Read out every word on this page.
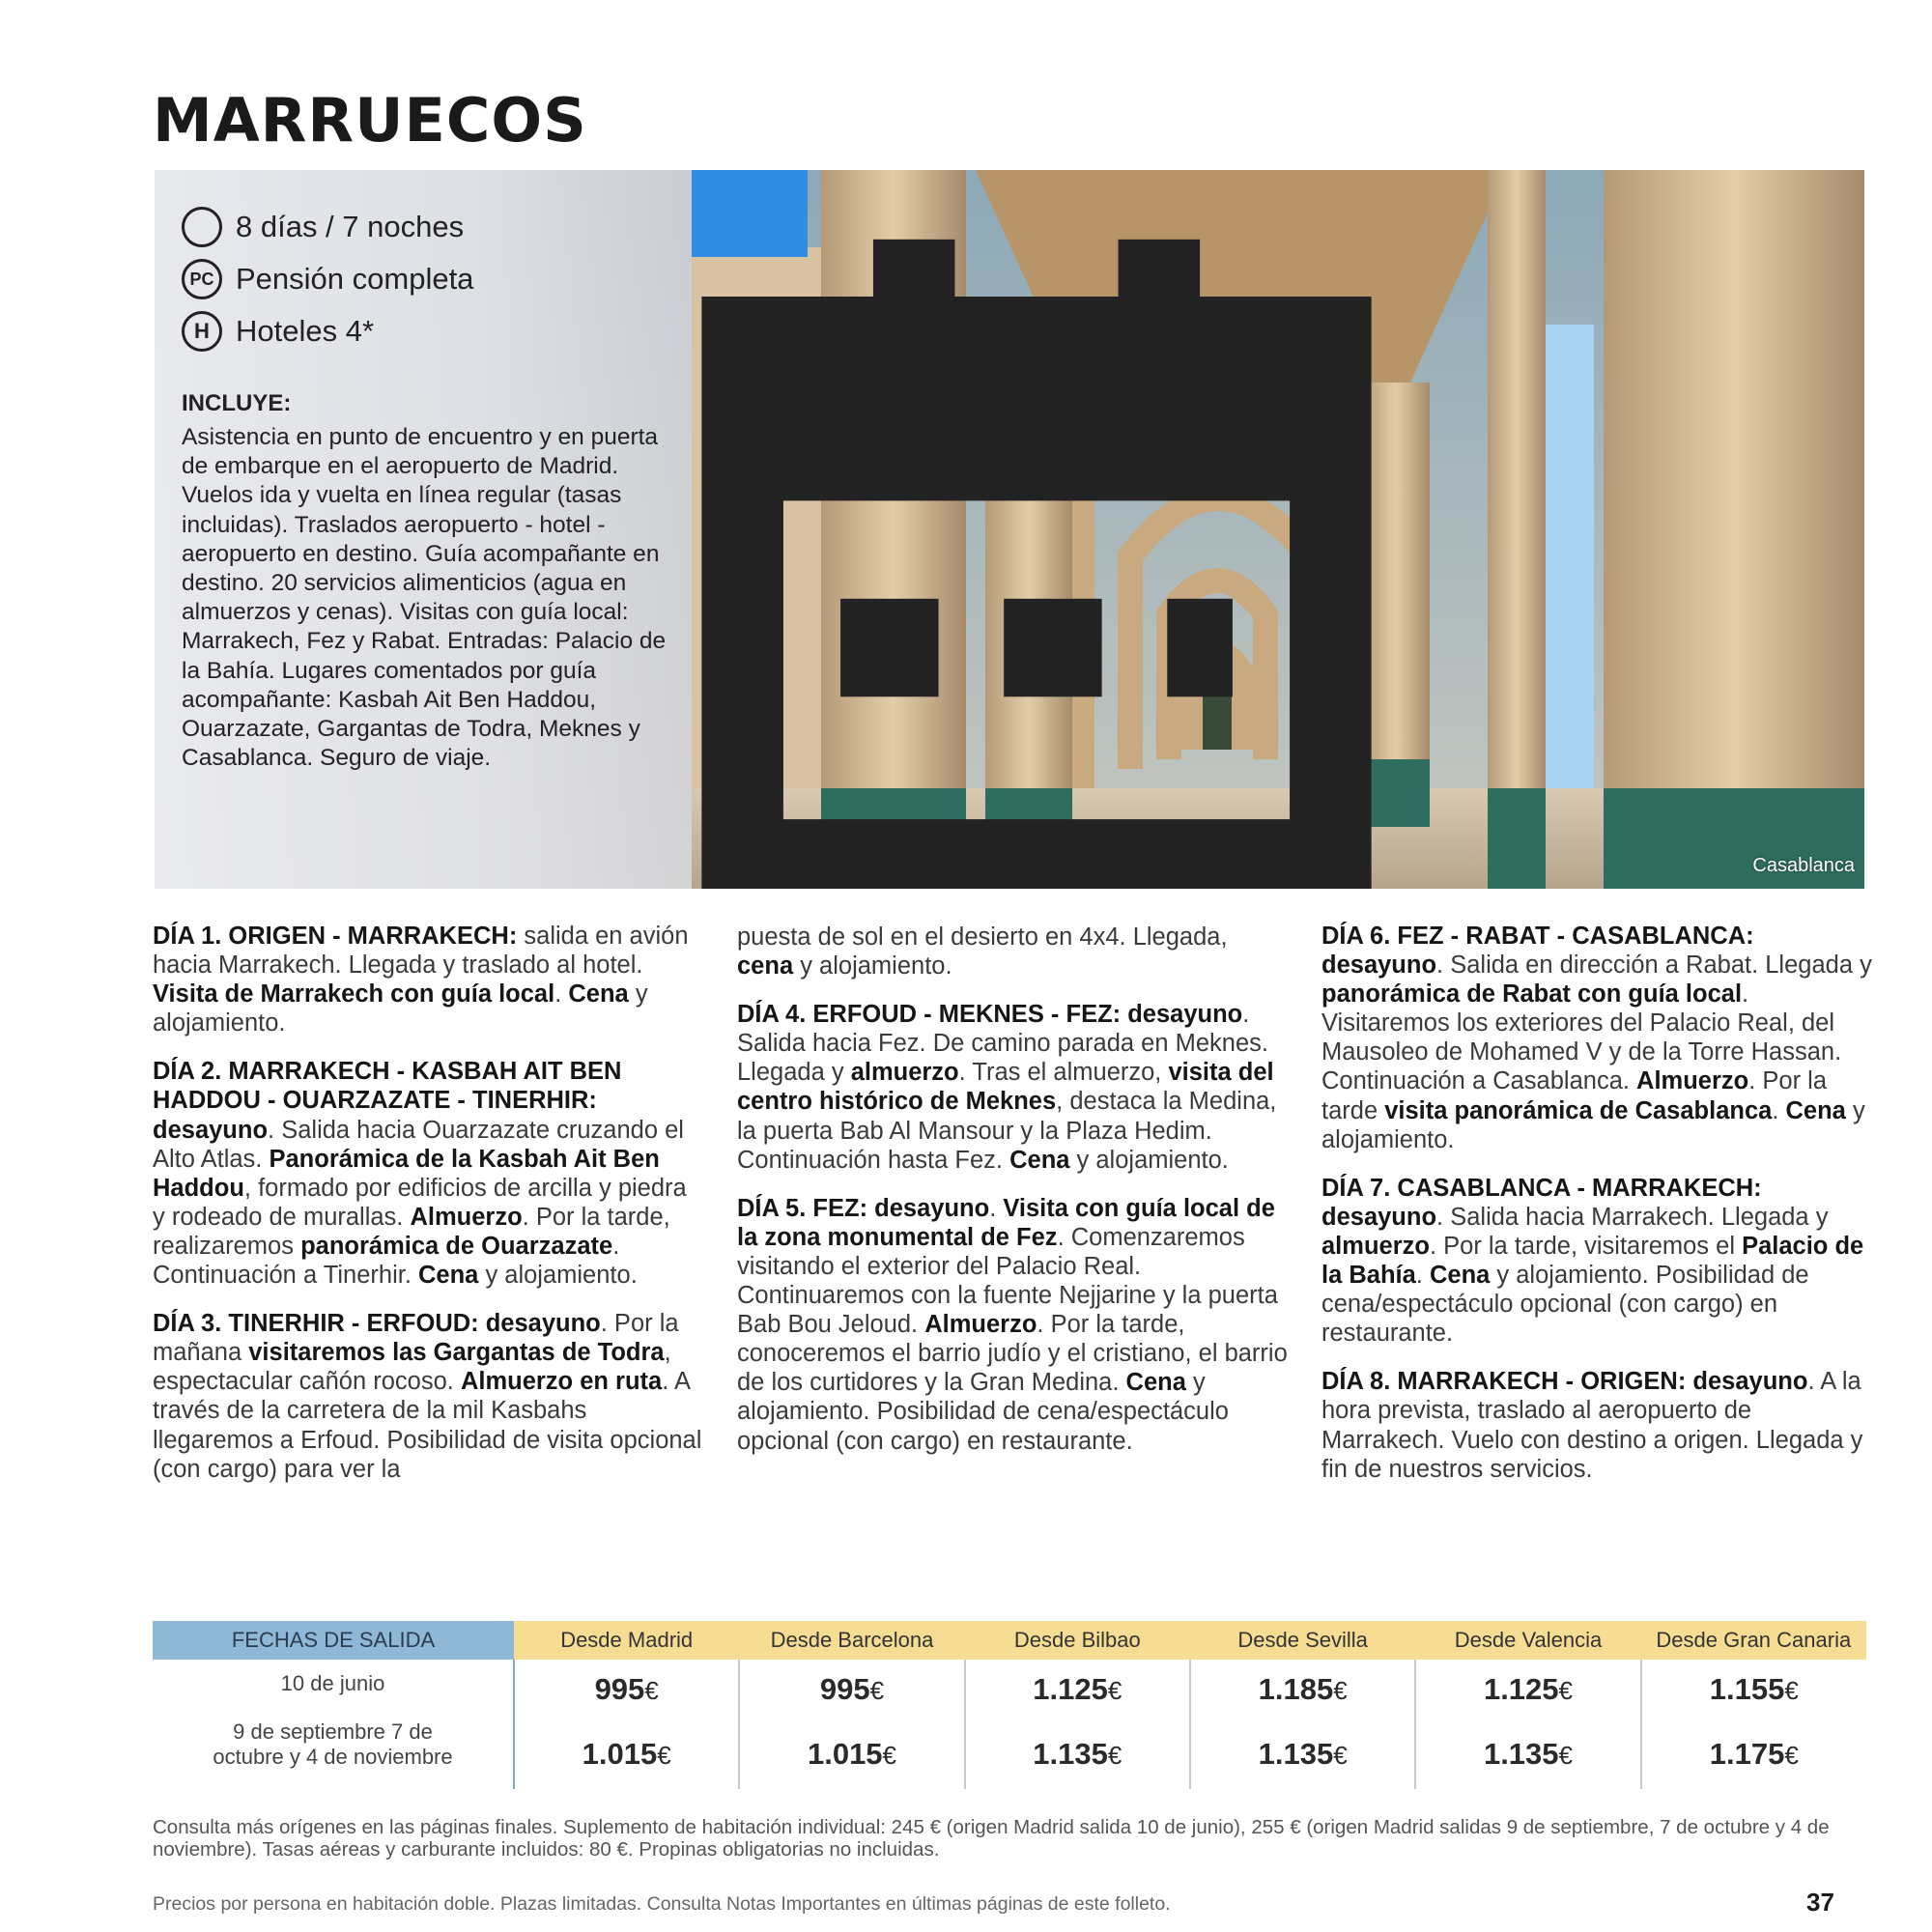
MARRUECOS
8 días / 7 noches
PC Pensión completa
H Hoteles 4*
INCLUYE:
Asistencia en punto de encuentro y en puerta de embarque en el aeropuerto de Madrid. Vuelos ida y vuelta en línea regular (tasas incluidas). Traslados aeropuerto - hotel - aeropuerto en destino. Guía acompañante en destino. 20 servicios alimenticios (agua en almuerzos y cenas). Visitas con guía local: Marrakech, Fez y Rabat. Entradas: Palacio de la Bahía. Lugares comentados por guía acompañante: Kasbah Ait Ben Haddou, Ouarzazate, Gargantas de Todra, Meknes y Casablanca. Seguro de viaje.
Casablanca

DÍA 1. ORIGEN - MARRAKECH: salida en avión hacia Marrakech. Llegada y traslado al hotel. Visita de Marrakech con guía local. Cena y alojamiento.

DÍA 2. MARRAKECH - KASBAH AIT BEN HADDOU - OUARZAZATE - TINERHIR: desayuno. Salida hacia Ouarzazate cruzando el Alto Atlas. Panorámica de la Kasbah Ait Ben Haddou, formado por edificios de arcilla y piedra y rodeado de murallas. Almuerzo. Por la tarde, realizaremos panorámica de Ouarzazate. Continuación a Tinerhir. Cena y alojamiento.

DÍA 3. TINERHIR - ERFOUD: desayuno. Por la mañana visitaremos las Gargantas de Todra, espectacular cañón rocoso. Almuerzo en ruta. A través de la carretera de la mil Kasbahs llegaremos a Erfoud. Posibilidad de visita opcional (con cargo) para ver la

puesta de sol en el desierto en 4x4. Llegada, cena y alojamiento.

DÍA 4. ERFOUD - MEKNES - FEZ: desayuno. Salida hacia Fez. De camino parada en Meknes. Llegada y almuerzo. Tras el almuerzo, visita del centro histórico de Meknes, destaca la Medina, la puerta Bab Al Mansour y la Plaza Hedim. Continuación hasta Fez. Cena y alojamiento.

DÍA 5. FEZ: desayuno. Visita con guía local de la zona monumental de Fez. Comenzaremos visitando el exterior del Palacio Real. Continuaremos con la fuente Nejjarine y la puerta Bab Bou Jeloud. Almuerzo. Por la tarde, conoceremos el barrio judío y el cristiano, el barrio de los curtidores y la Gran Medina. Cena y alojamiento. Posibilidad de cena/espectáculo opcional (con cargo) en restaurante.

DÍA 6. FEZ - RABAT - CASABLANCA: desayuno. Salida en dirección a Rabat. Llegada y panorámica de Rabat con guía local. Visitaremos los exteriores del Palacio Real, del Mausoleo de Mohamed V y de la Torre Hassan. Continuación a Casablanca. Almuerzo. Por la tarde visita panorámica de Casablanca. Cena y alojamiento.

DÍA 7. CASABLANCA - MARRAKECH: desayuno. Salida hacia Marrakech. Llegada y almuerzo. Por la tarde, visitaremos el Palacio de la Bahía. Cena y alojamiento. Posibilidad de cena/espectáculo opcional (con cargo) en restaurante.

DÍA 8. MARRAKECH - ORIGEN: desayuno. A la hora prevista, traslado al aeropuerto de Marrakech. Vuelo con destino a origen. Llegada y fin de nuestros servicios.

FECHAS DE SALIDA	Desde Madrid	Desde Barcelona	Desde Bilbao	Desde Sevilla	Desde Valencia	Desde Gran Canaria
10 de junio	995€	995€	1.125€	1.185€	1.125€	1.155€
9 de septiembre 7 de octubre y 4 de noviembre	1.015€	1.015€	1.135€	1.135€	1.135€	1.175€
Consulta más orígenes en las páginas finales. Suplemento de habitación individual: 245 € (origen Madrid salida 10 de junio), 255 € (origen Madrid salidas 9 de septiembre, 7 de octubre y 4 de noviembre). Tasas aéreas y carburante incluidos: 80 €. Propinas obligatorias no incluidas.
Precios por persona en habitación doble. Plazas limitadas. Consulta Notas Importantes en últimas páginas de este folleto.	37
